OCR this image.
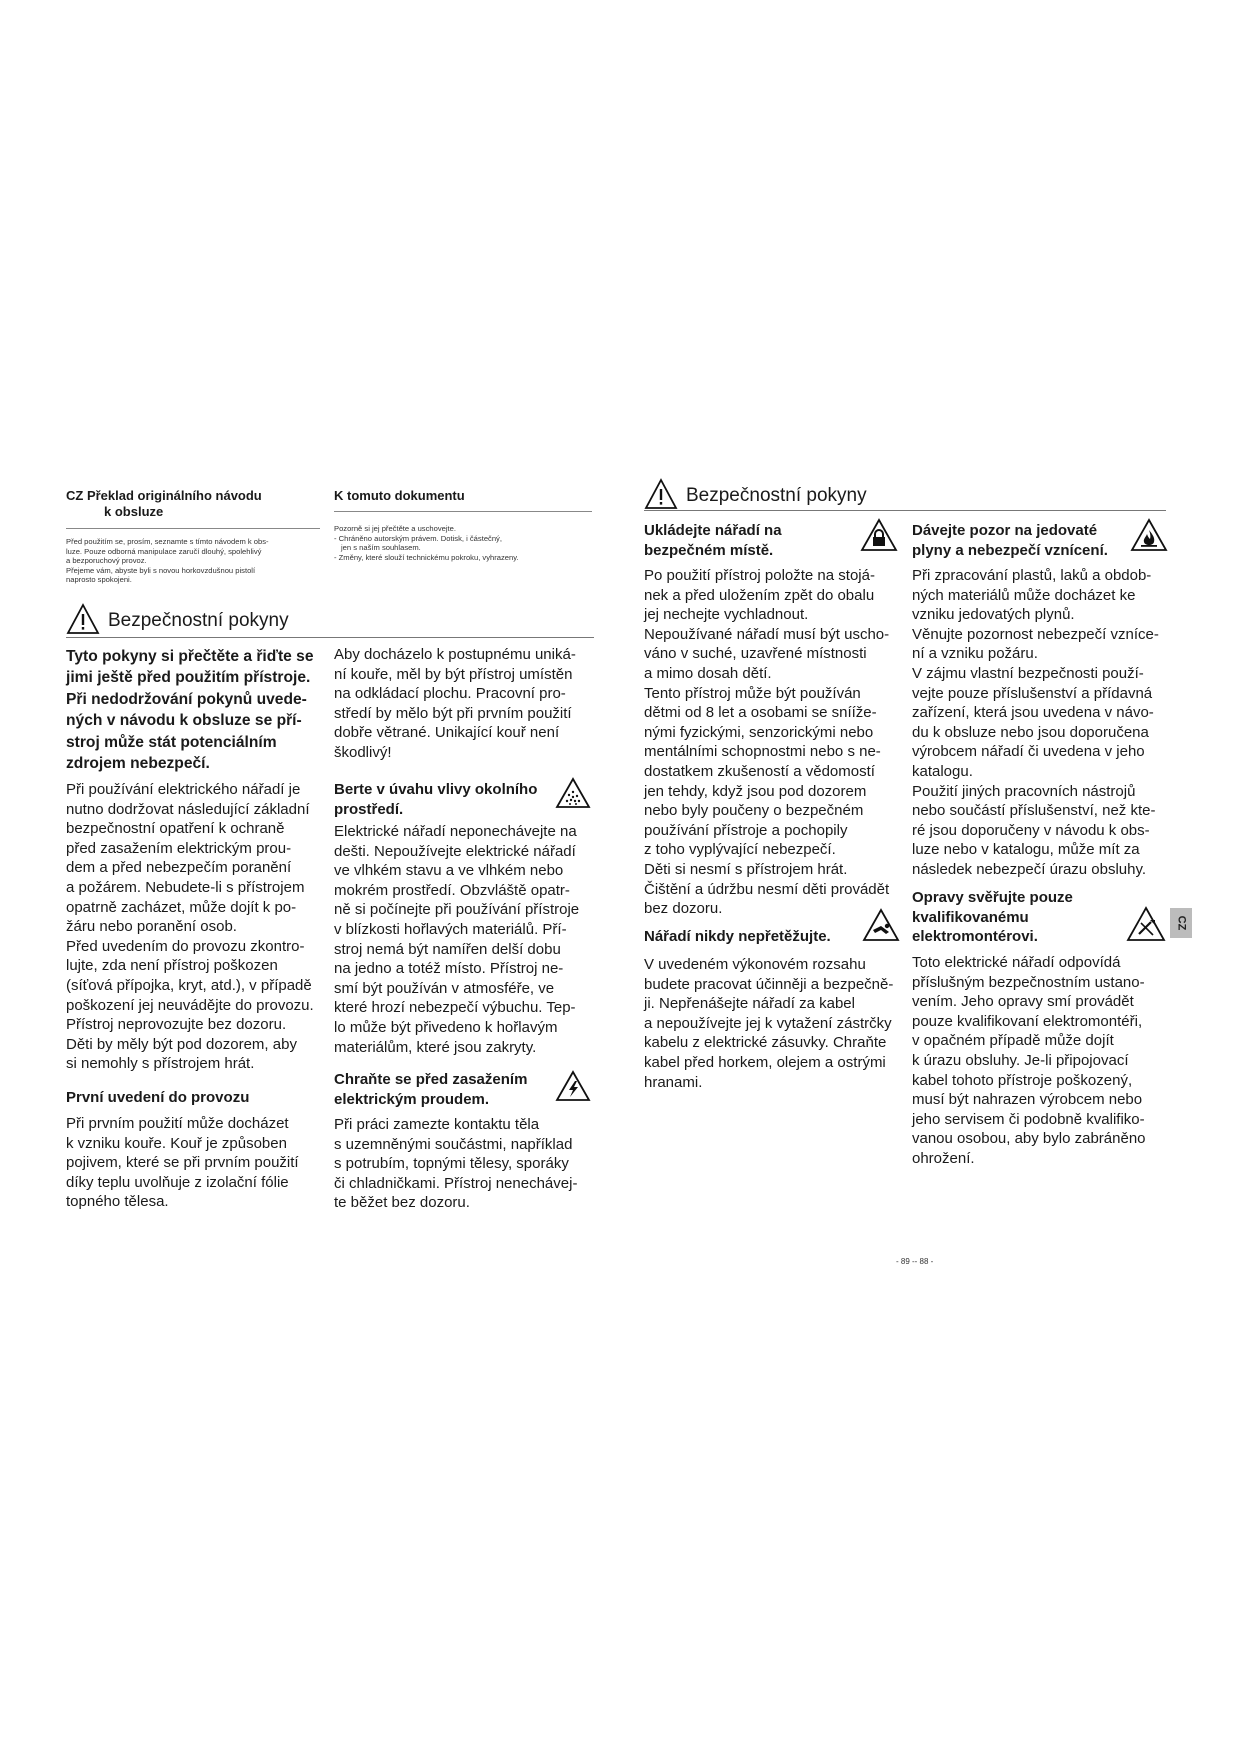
CZ Překlad originálního návodu

k obsluze

Před použitím se, prosím, seznamte s tímto návodem k obs-

luze. Pouze odborná manipulace zaručí dlouhý, spolehlivý

a bezporuchový provoz.

Přejeme vám, abyste byli s novou horkovzdušnou pistolí

naprosto spokojeni.

K tomuto dokumentu

Pozorně si jej přečtěte a uschovejte.

- Chráněno autorským právem. Dotisk, i částečný,

jen s naším souhlasem.

- Změny, které slouží technickému pokroku, vyhrazeny.

Bezpečnostní pokyny

Tyto pokyny si přečtěte a řiďte se

jimi ještě před použitím přístroje.

Při nedodržování pokynů uvede-

ných v návodu k obsluze se pří-

stroj může stát potenciálním

zdrojem nebezpečí.

Při používání elektrického nářadí je

nutno dodržovat následující základní

bezpečnostní opatření k ochraně

před zasažením elektrickým prou-

dem a před nebezpečím poranění

a požárem. Nebudete-li s přístrojem

opatrně zacházet, může dojít k po-

žáru nebo poranění osob.

Před uvedením do provozu zkontro-

lujte, zda není přístroj poškozen

(síťová přípojka, kryt, atd.), v případě

poškození jej neuvádějte do provozu.

Přístroj neprovozujte bez dozoru.

Děti by měly být pod dozorem, aby

si nemohly s přístrojem hrát.

První uvedení do provozu

Při prvním použití může docházet

k vzniku kouře. Kouř je způsoben

pojivem, které se při prvním použití

díky teplu uvolňuje z izolační fólie

topného tělesa.

Aby docházelo k postupnému uniká-

ní kouře, měl by být přístroj umístěn

na odkládací plochu. Pracovní pro-

středí by mělo být při prvním použití

dobře větrané. Unikající kouř není

škodlivý!

Berte v úvahu vlivy okolního

prostředí.

Elektrické nářadí neponechávejte na

dešti. Nepoužívejte elektrické nářadí

ve vlhkém stavu a ve vlhkém nebo

mokrém prostředí. Obzvláště opatr-

ně si počínejte při používání přístroje

v blízkosti hořlavých materiálů. Pří-

stroj nemá být namířen delší dobu

na jedno a totéž místo. Přístroj ne-

smí být používán v atmosféře, ve

které hrozí nebezpečí výbuchu. Tep-

lo může být přivedeno k hořlavým

materiálům, které jsou zakryty.

Chraňte se před zasažením

elektrickým proudem.

Při práci zamezte kontaktu těla

s uzemněnými součástmi, například

s potrubím, topnými tělesy, sporáky

či chladničkami. Přístroj nenechávej-

te běžet bez dozoru.

Bezpečnostní pokyny

Ukládejte nářadí na

bezpečném místě.

Po použití přístroj položte na stojá-

nek a před uložením zpět do obalu

jej nechejte vychladnout.

Nepoužívané nářadí musí být uscho-

váno v suché, uzavřené místnosti

a mimo dosah dětí.

Tento přístroj může být používán

dětmi od 8 let a osobami se snííže-

nými fyzickými, senzorickými nebo

mentálními schopnostmi nebo s ne-

dostatkem zkušeností a vědomostí

jen tehdy, když jsou pod dozorem

nebo byly poučeny o bezpečném

používání přístroje a pochopily

z toho vyplývající nebezpečí.

Děti si nesmí s přístrojem hrát.

Čištění a údržbu nesmí děti provádět

bez dozoru.

Nářadí nikdy nepřetěžujte.

V uvedeném výkonovém rozsahu

budete pracovat účinněji a bezpečně-

ji. Nepřenášejte nářadí za kabel

a nepoužívejte jej k vytažení zástrčky

kabelu z elektrické zásuvky. Chraňte

kabel před horkem, olejem a ostrými

hranami.

Dávejte pozor na jedovaté

plyny a nebezpečí vznícení.

Při zpracování plastů, laků a obdob-

ných materiálů může docházet ke

vzniku jedovatých plynů.

Věnujte pozornost nebezpečí vznícе-

ní a vzniku požáru.

V zájmu vlastní bezpečnosti použí-

vejte pouze příslušenství a přídavná

zařízení, která jsou uvedena v návo-

du k obsluze nebo jsou doporučena

výrobcem nářadí či uvedena v jeho

katalogu.

Použití jiných pracovních nástrojů

nebo součástí příslušenství, než kte-

ré jsou doporučeny v návodu k obs-

luze nebo v katalogu, může mít za

následek nebezpečí úrazu obsluhy.

Opravy svěřujte pouze

kvalifikovanému

elektromontérovi.

Toto elektrické nářadí odpovídá

příslušným bezpečnostním ustano-

vením. Jeho opravy smí provádět

pouze kvalifikovaní elektromontéři,

v opačném případě může dojít

k úrazu obsluhy. Je-li připojovací

kabel tohoto přístroje poškozený,

musí být nahrazen výrobcem nebo

jeho servisem či podobně kvalifiko-

vanou osobou, aby bylo zabráněno

ohrožení.

CZ
- 89 -- 88 -
